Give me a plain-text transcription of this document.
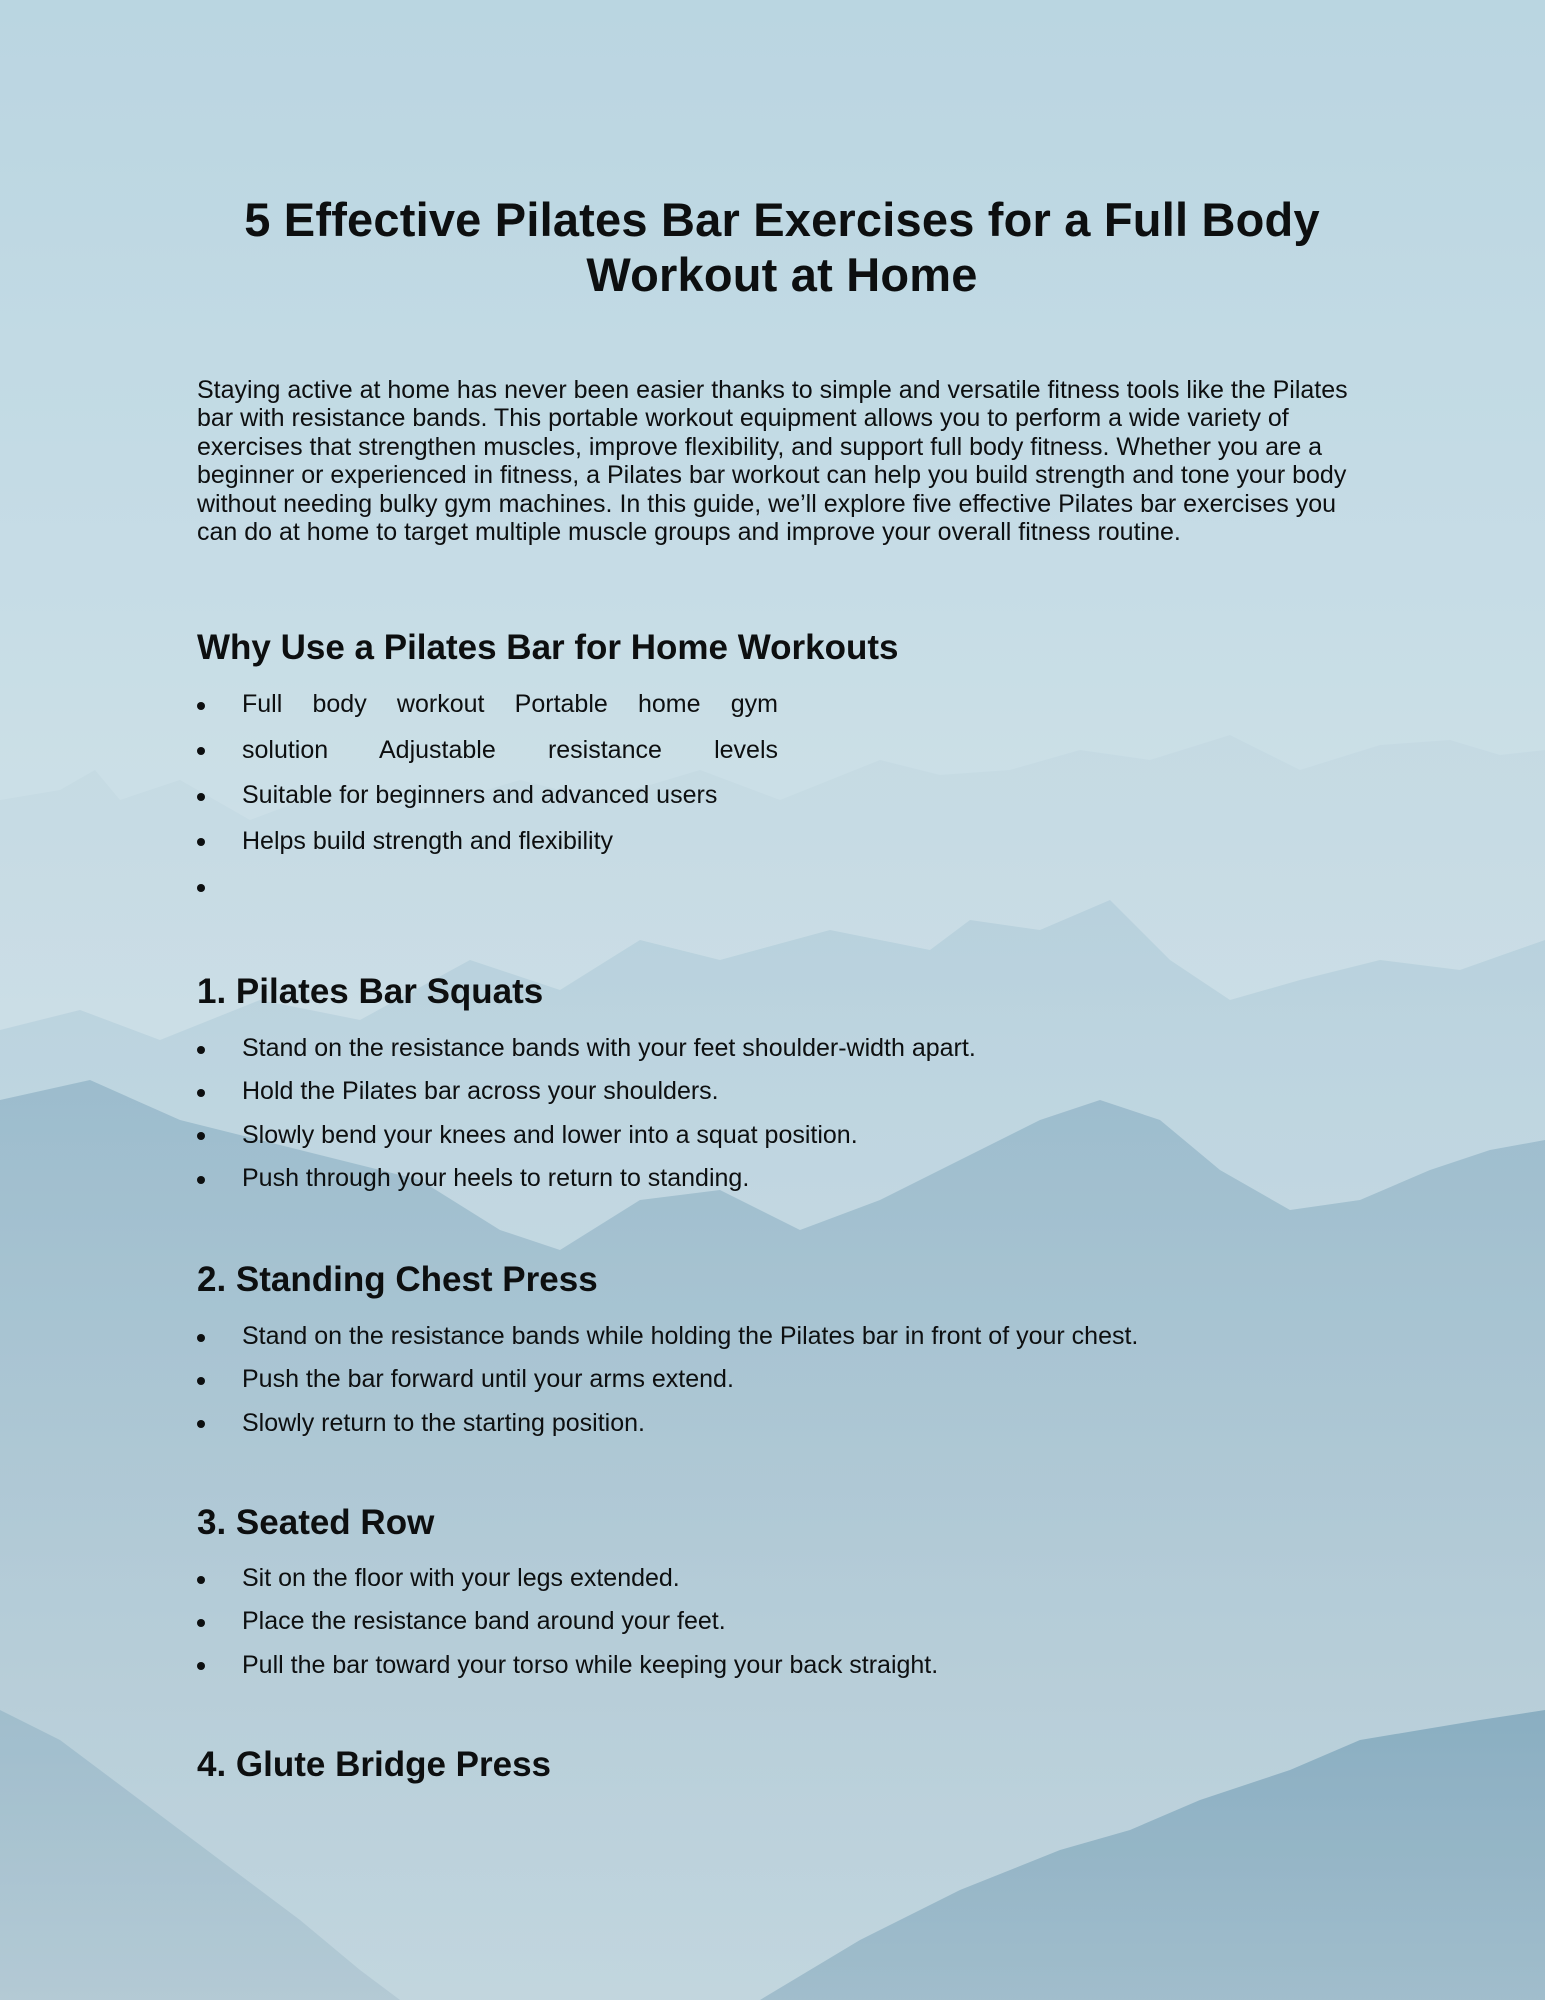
5 Effective Pilates Bar Exercises for a Full Body Workout at Home

Staying active at home has never been easier thanks to simple and versatile fitness tools like the Pilates bar with resistance bands. This portable workout equipment allows you to perform a wide variety of exercises that strengthen muscles, improve flexibility, and support full body fitness. Whether you are a beginner or experienced in fitness, a Pilates bar workout can help you build strength and tone your body without needing bulky gym machines. In this guide, we’ll explore five effective Pilates bar exercises you can do at home to target multiple muscle groups and improve your overall fitness routine.

Why Use a Pilates Bar for Home Workouts
Full body workout Portable home gym
solution Adjustable resistance levels
Suitable for beginners and advanced users
Helps build strength and flexibility
1. Pilates Bar Squats
Stand on the resistance bands with your feet shoulder-width apart.
Hold the Pilates bar across your shoulders.
Slowly bend your knees and lower into a squat position.
Push through your heels to return to standing.
2. Standing Chest Press
Stand on the resistance bands while holding the Pilates bar in front of your chest.
Push the bar forward until your arms extend.
Slowly return to the starting position.
3. Seated Row
Sit on the floor with your legs extended.
Place the resistance band around your feet.
Pull the bar toward your torso while keeping your back straight.
4. Glute Bridge Press
